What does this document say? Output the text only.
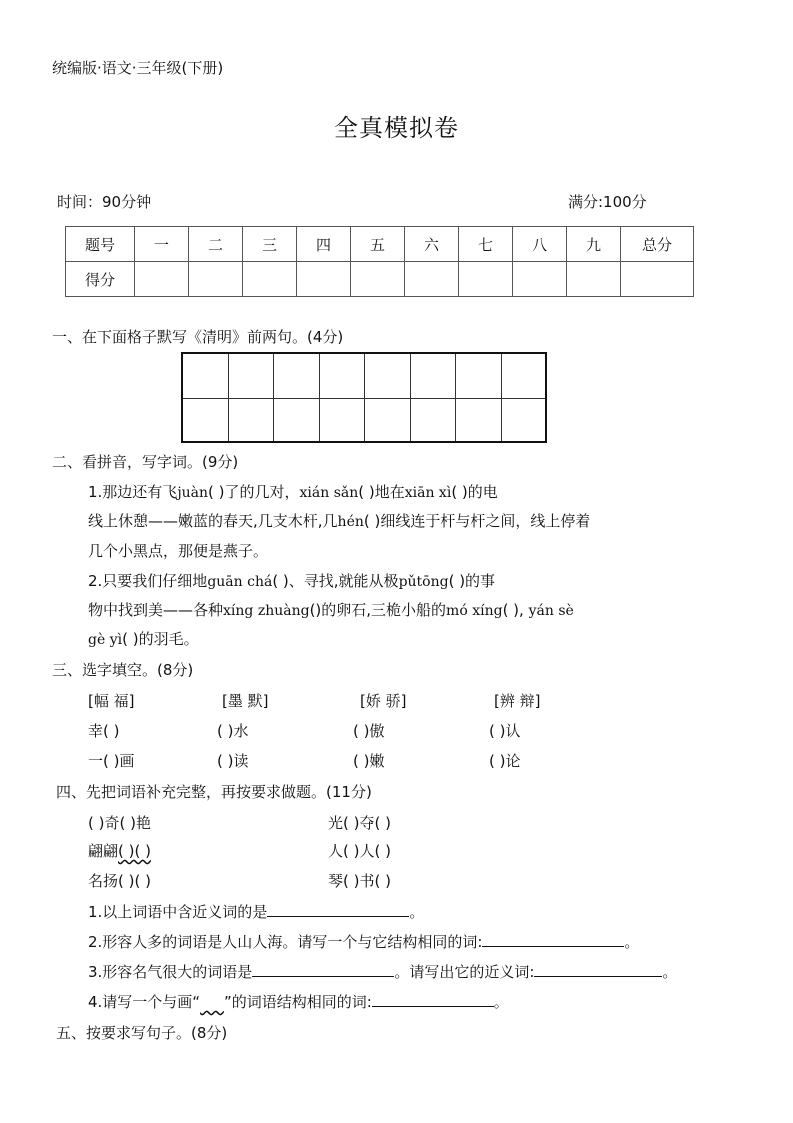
统编版·语文·三年级(下册)
全真模拟卷
时间：90分钟	满分:100分
题号	一	二	三	四	五	六	七	八	九	总分
得分										
一、在下面格子默写《清明》前两句。(4分)
二、看拼音，写字词。(9分)
1.那边还有飞juàn( )了的几对，xián sǎn( )地在xiān xì( )的电
线上休憩——嫩蓝的春天,几支木杆,几hén( )细线连于杆与杆之间，线上停着
几个小黑点，那便是燕子。
2.只要我们仔细地guān chá( )、寻找,就能从极pǔtōng( )的事
物中找到美——各种xíng zhuàng()的卵石,三桅小船的mó xíng( ), yán sè
gè yì( )的羽毛。
三、选字填空。(8分)
[幅 福]	[墨 默]	[娇 骄]	[辨 辩]
幸( )	( )水	( )傲	( )认
一( )画	( )读	( )嫩	( )论
四、先把词语补充完整，再按要求做题。(11分)
( )奇( )艳	光( )夺( )
翩翩( )( )	人( )人( )
名扬( )( )	琴( )书( )
1.以上词语中含近义词的是	。
2.形容人多的词语是人山人海。请写一个与它结构相同的词:	。
3.形容名气很大的词语是	。请写出它的近义词:	。
4.请写一个与画“ ”的词语结构相同的词:	。
五、按要求写句子。(8分)
